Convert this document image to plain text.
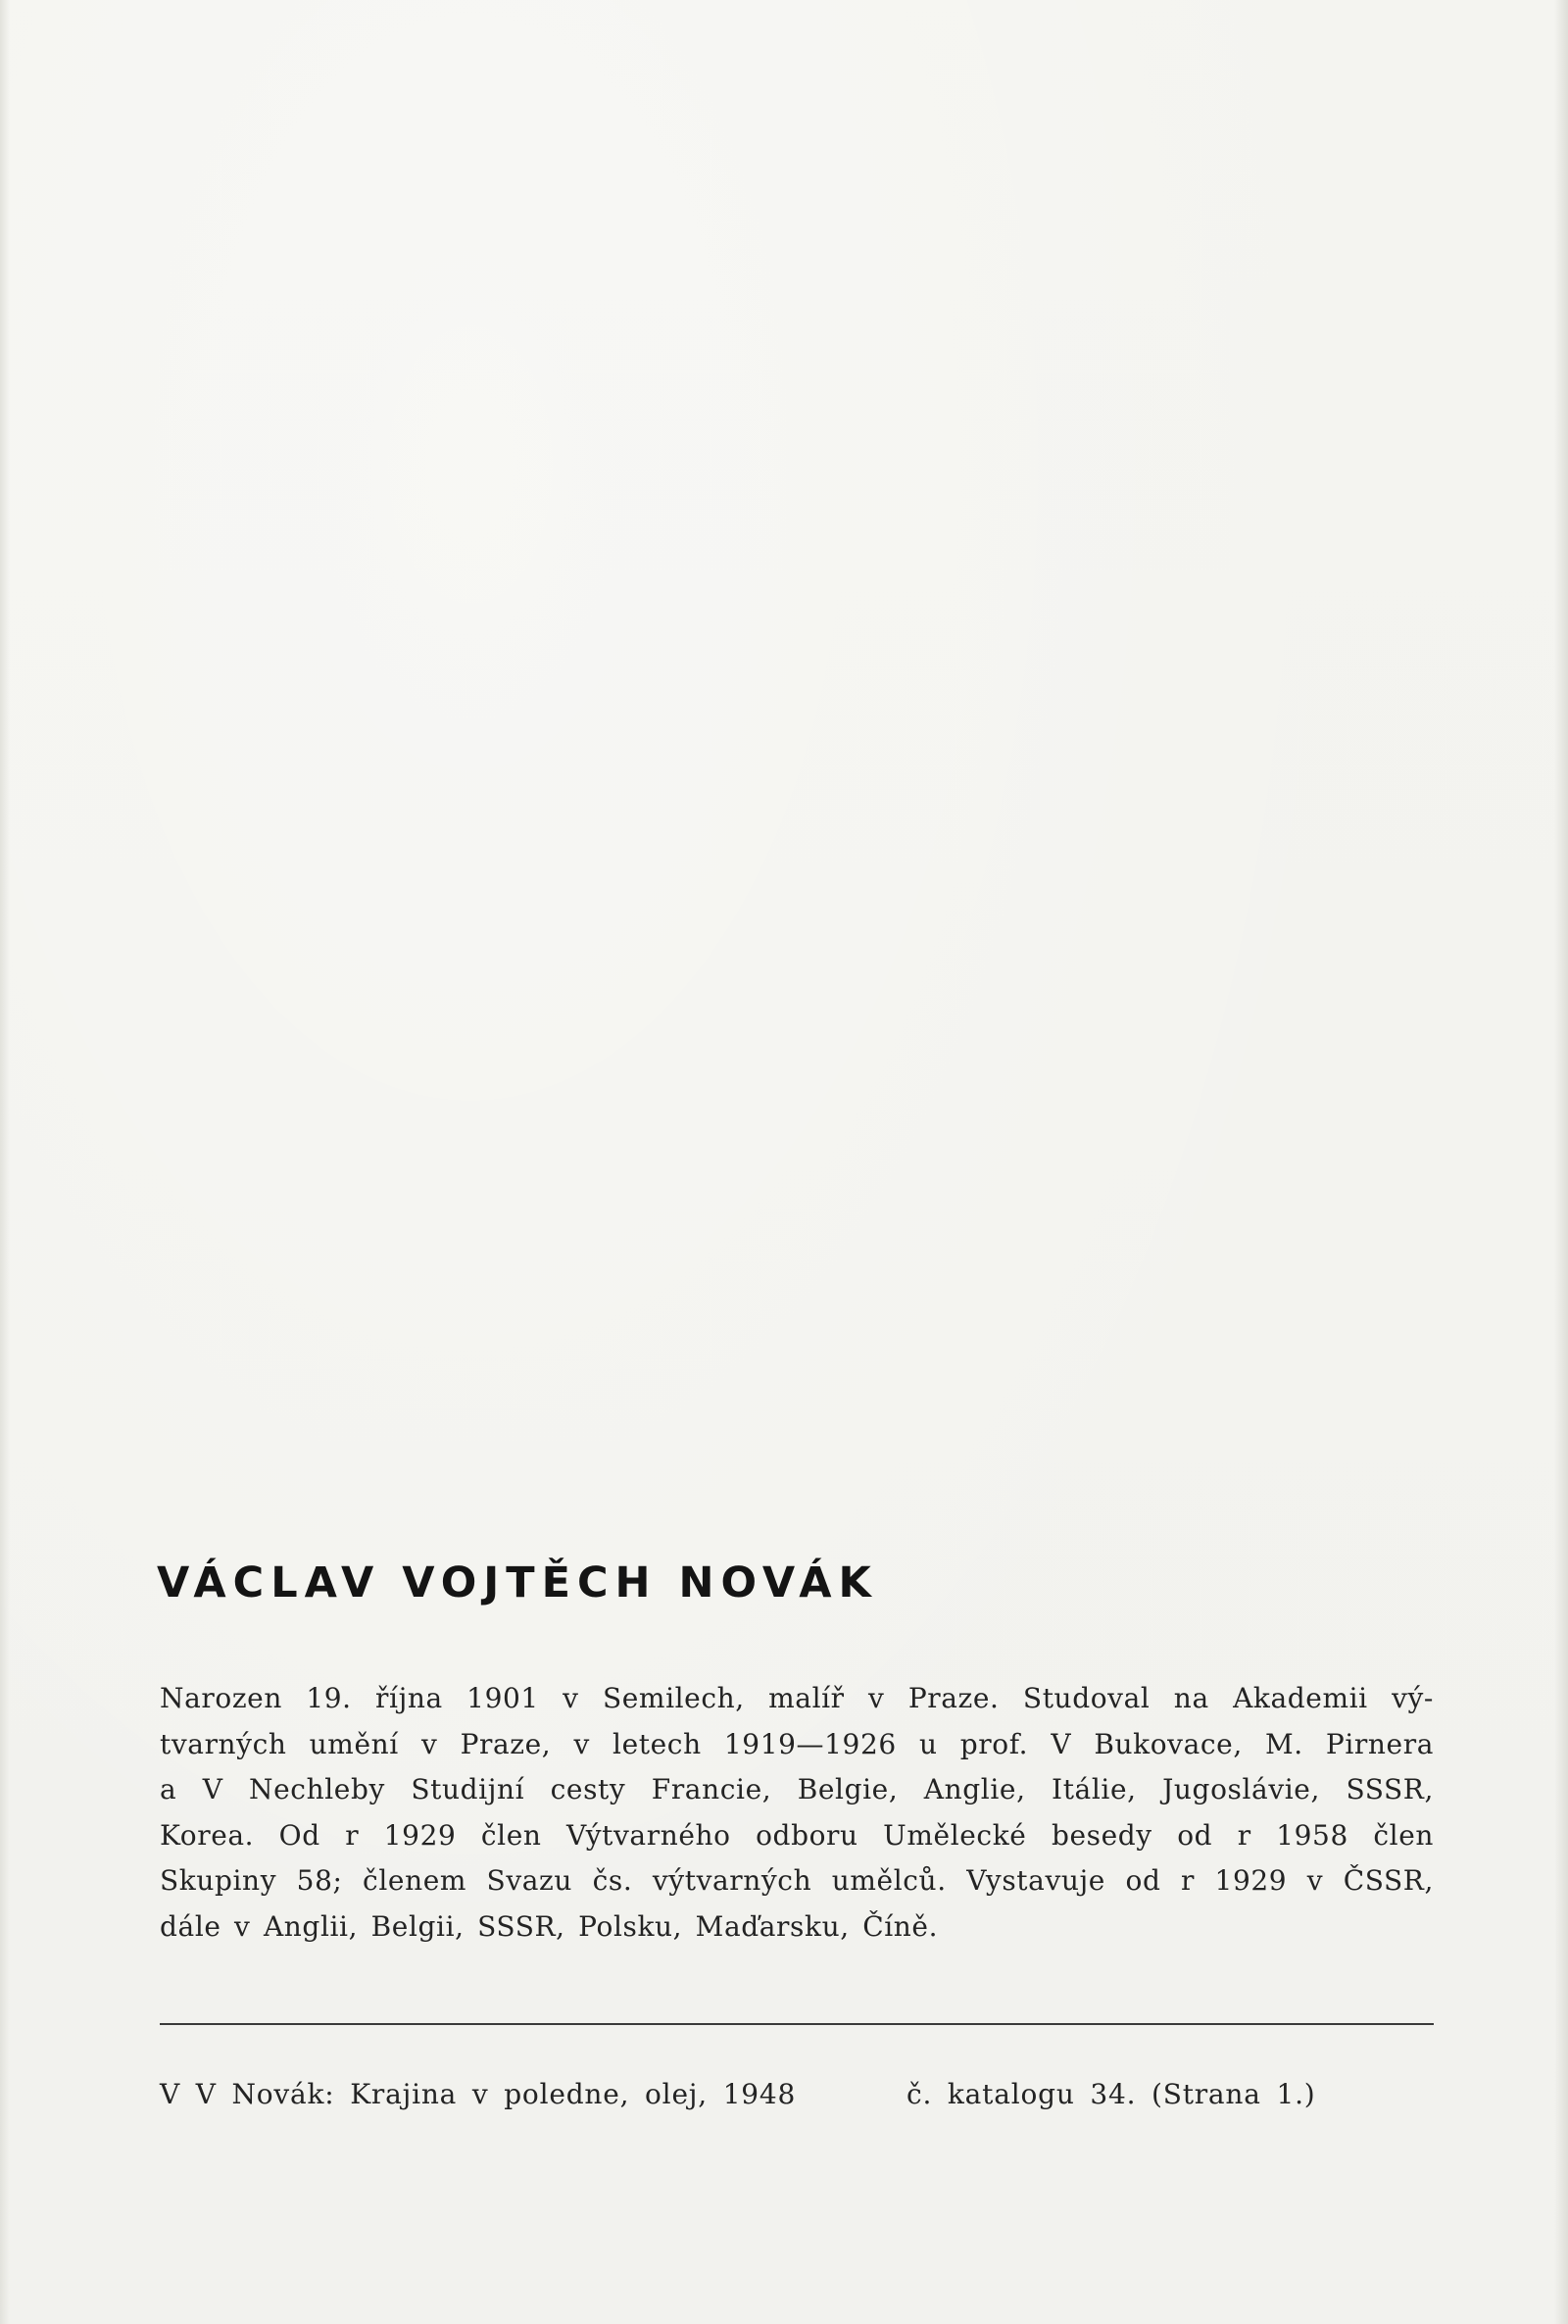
VÁCLAV VOJTĚCH NOVÁK
Narozen 19. října 1901 v Semilech, malíř v Praze. Studoval na Akademii vý-
tvarných umění v Praze, v letech 1919—1926 u prof. V Bukovace, M. Pirnera
a V Nechleby Studijní cesty Francie, Belgie, Anglie, Itálie, Jugoslávie, SSSR,
Korea. Od r 1929 člen Výtvarného odboru Umělecké besedy od r 1958 člen
Skupiny 58; členem Svazu čs. výtvarných umělců. Vystavuje od r 1929 v ČSSR,
dále v Anglii, Belgii, SSSR, Polsku, Maďarsku, Číně.
V V Novák: Krajina v poledne, olej, 1948	č. katalogu 34. (Strana 1.)
